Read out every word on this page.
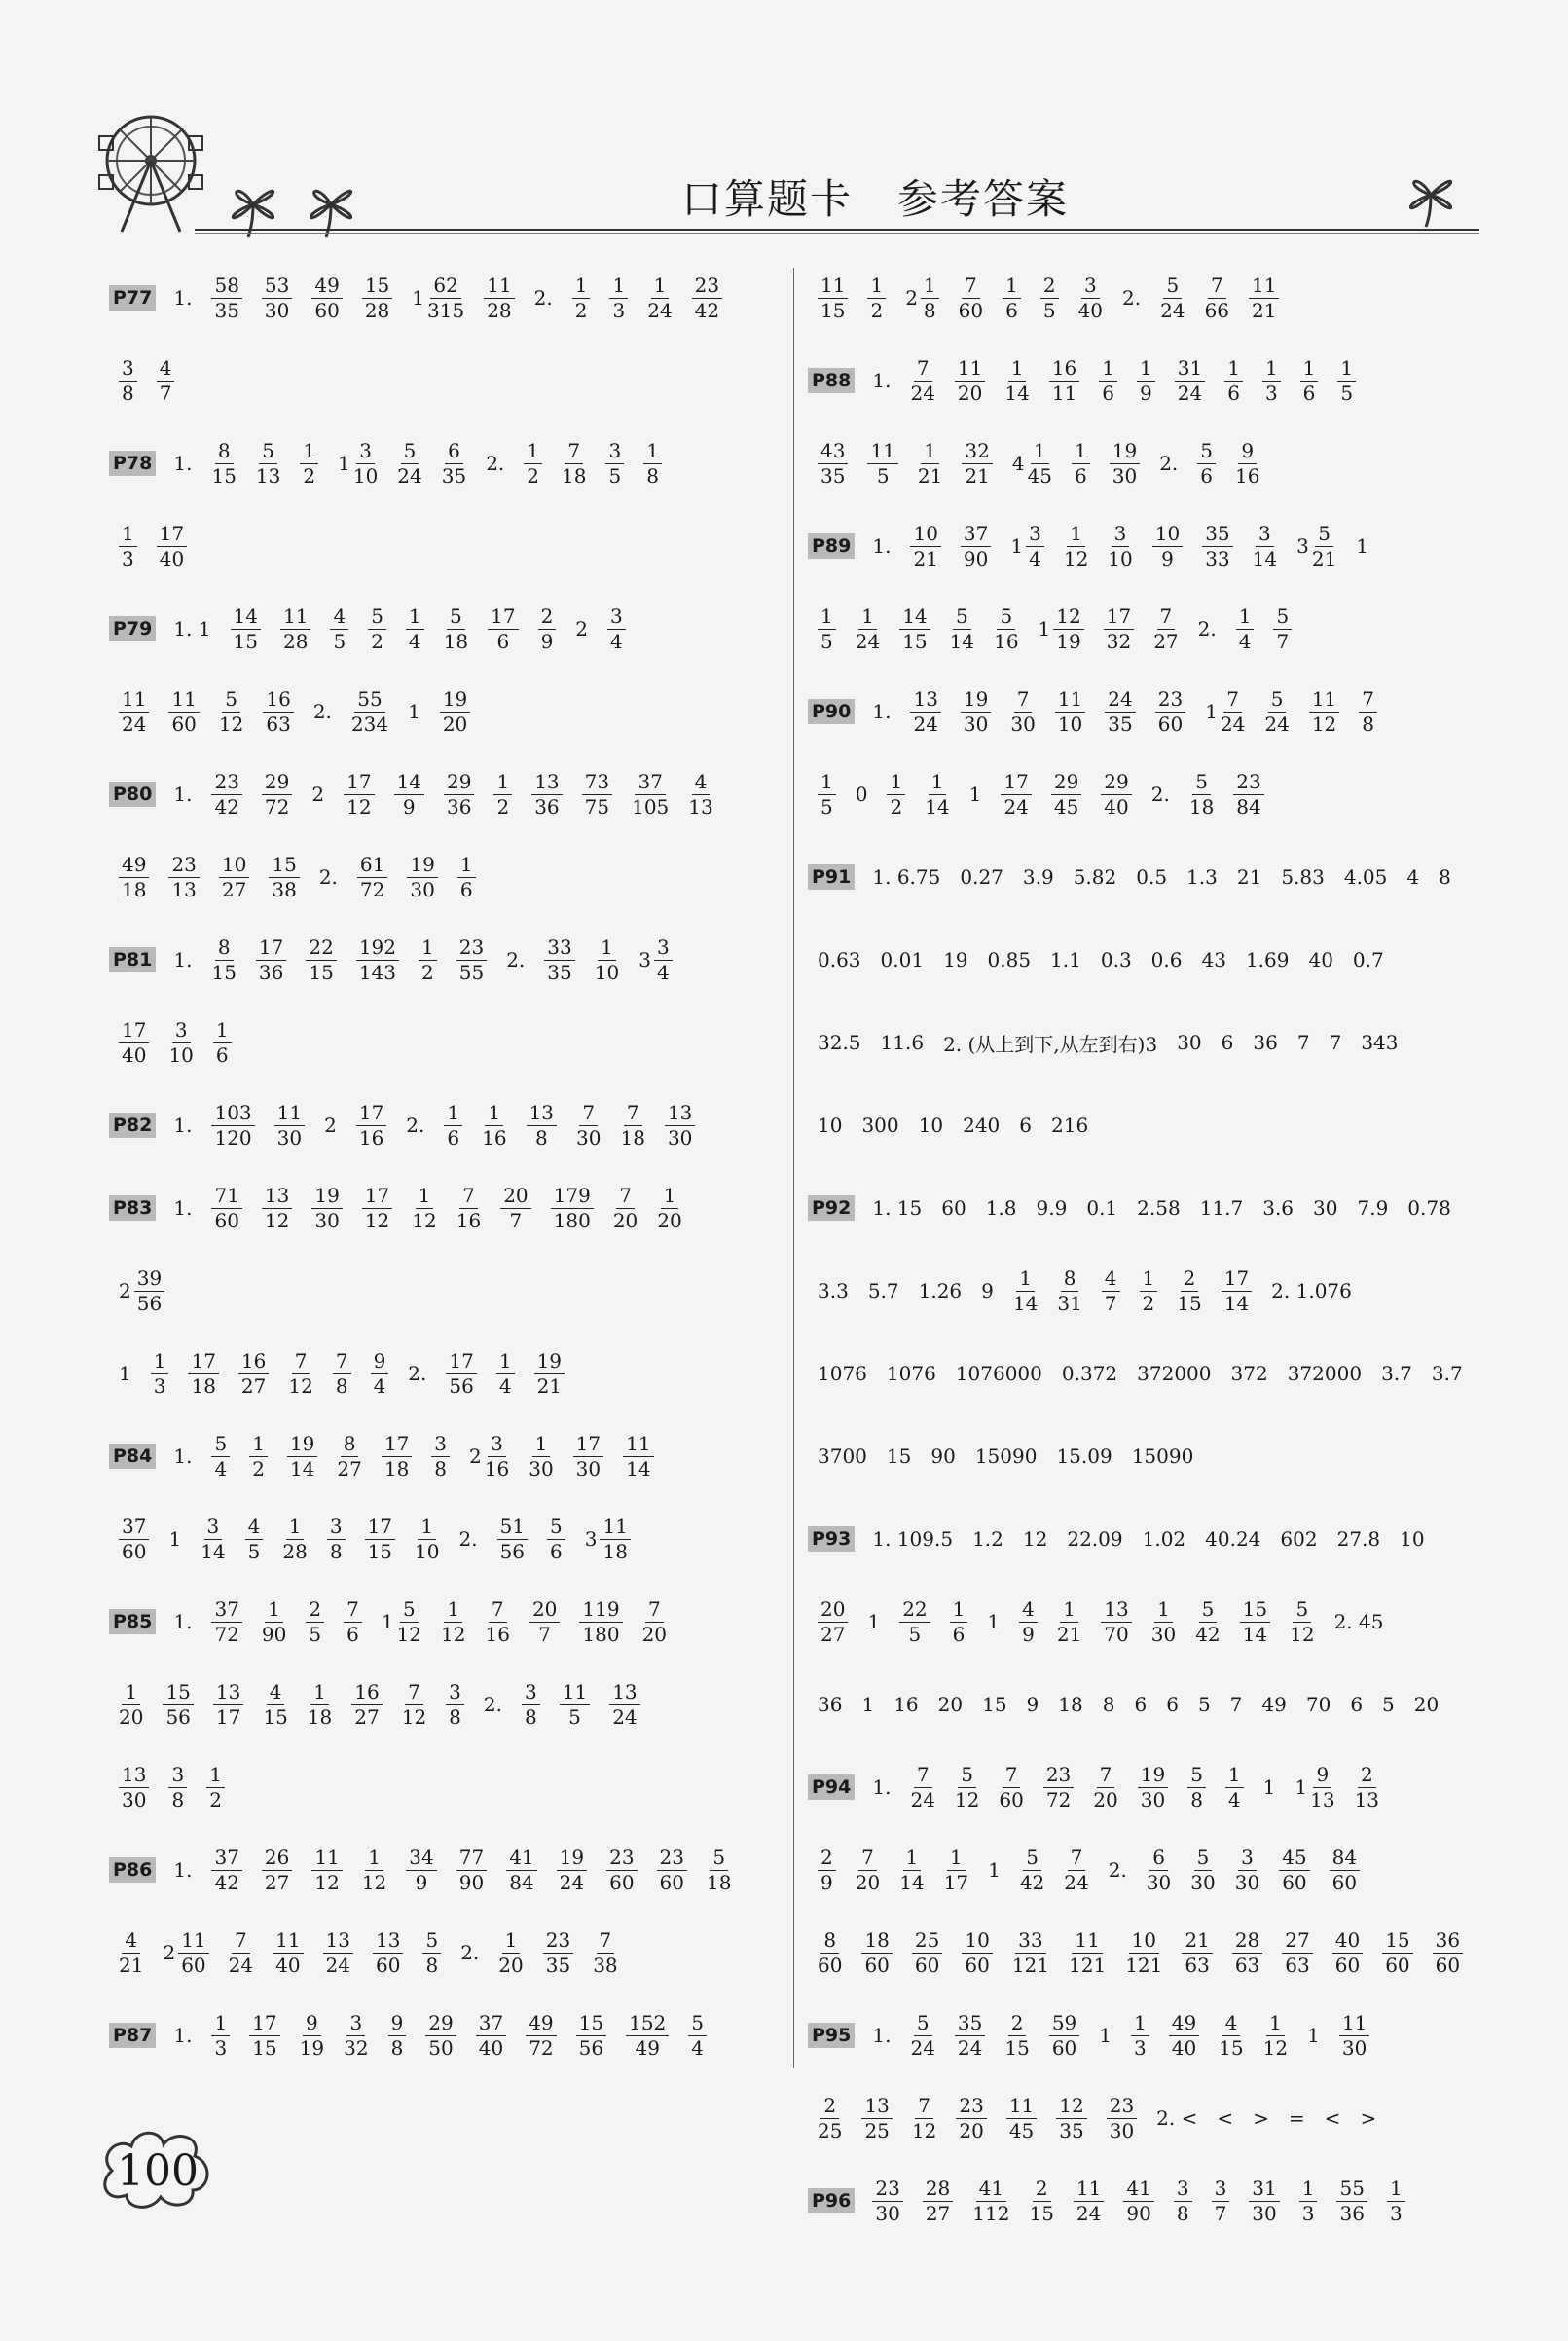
口算题卡 参考答案
P77 1. $\frac{58}{35} \frac{53}{30} \frac{49}{60} \frac{15}{28} 1 \frac{62}{315} \frac{11}{28} 2$. $\frac{1}{2} \frac{1}{3} \frac{1}{24} \frac{23}{42}$
$\frac{3}{8} \frac{4}{7}$
P78 1. $\frac{8}{15} \frac{5}{13} \frac{1}{2} 1 \frac{3}{10} \frac{5}{24} \frac{6}{35} 2$. $\frac{1}{2} \frac{7}{18} \frac{3}{5} \frac{1}{8}$
$\frac{1}{3} \frac{17}{40}$
P79 1. $1 \frac{14}{15} \frac{11}{28} \frac{4}{5} \frac{5}{2} \frac{1}{4} \frac{5}{18} \frac{17}{6} \frac{2}{9} 2 \frac{3}{4}$
$\frac{11}{24} \frac{11}{60} \frac{5}{12} \frac{16}{63} 2$. $\frac{55}{234} 1 \frac{19}{20}$
P80 1. $\frac{23}{42} \frac{29}{72} 2 \frac{17}{12} \frac{14}{9} \frac{29}{36} \frac{1}{2} \frac{13}{36} \frac{73}{75} \frac{37}{105} \frac{4}{13}$
$\frac{49}{18} \frac{23}{13} \frac{10}{27} \frac{15}{38} 2$. $\frac{61}{72} \frac{19}{30} \frac{1}{6}$
P81 1. $\frac{8}{15} \frac{17}{36} \frac{22}{15} \frac{192}{143} \frac{1}{2} \frac{23}{55} 2$. $\frac{33}{35} \frac{1}{10} 3 \frac{3}{4}$
$\frac{17}{40} \frac{3}{10} \frac{1}{6}$
P82 1. $\frac{103}{120} \frac{11}{30} 2 \frac{17}{16} 2$. $\frac{1}{6} \frac{1}{16} \frac{13}{8} \frac{7}{30} \frac{7}{18} \frac{13}{30}$
P83 1. $\frac{71}{60} \frac{13}{12} \frac{19}{30} \frac{17}{12} \frac{1}{12} \frac{7}{16} \frac{20}{7} \frac{179}{180} \frac{7}{20} \frac{1}{20}$
$2 \frac{39}{56}$
$1 \frac{1}{3} \frac{17}{18} \frac{16}{27} \frac{7}{12} \frac{7}{8} \frac{9}{4} 2$. $\frac{17}{56} \frac{1}{4} \frac{19}{21}$
P84 1. $\frac{5}{4} \frac{1}{2} \frac{19}{14} \frac{8}{27} \frac{17}{18} \frac{3}{8} 2 \frac{3}{16} \frac{1}{30} \frac{17}{30} \frac{11}{14}$
$\frac{37}{60} 1 \frac{3}{14} \frac{4}{5} \frac{1}{28} \frac{3}{8} \frac{17}{15} \frac{1}{10} 2$. $\frac{51}{56} \frac{5}{6} 3 \frac{11}{18}$
P85 1. $\frac{37}{72} \frac{1}{90} \frac{2}{5} \frac{7}{6} 1 \frac{5}{12} \frac{1}{12} \frac{7}{16} \frac{20}{7} \frac{119}{180} \frac{7}{20}$
$\frac{1}{20} \frac{15}{56} \frac{13}{17} \frac{4}{15} \frac{1}{18} \frac{16}{27} \frac{7}{12} \frac{3}{8} 2$. $\frac{3}{8} \frac{11}{5} \frac{13}{24}$
$\frac{13}{30} \frac{3}{8} \frac{1}{2}$
P86 1. $\frac{37}{42} \frac{26}{27} \frac{11}{12} \frac{1}{12} \frac{34}{9} \frac{77}{90} \frac{41}{84} \frac{19}{24} \frac{23}{60} \frac{23}{60} \frac{5}{18}$
$\frac{4}{21} 2 \frac{11}{60} \frac{7}{24} \frac{11}{40} \frac{13}{24} \frac{13}{60} \frac{5}{8} 2$. $\frac{1}{20} \frac{23}{35} \frac{7}{38}$
P87 1. $\frac{1}{3} \frac{17}{15} \frac{9}{19} \frac{3}{32} \frac{9}{8} \frac{29}{50} \frac{37}{40} \frac{49}{72} \frac{15}{56} \frac{152}{49} \frac{5}{4}$
$\frac{11}{15} \frac{1}{2} 2 \frac{1}{8} \frac{7}{60} \frac{1}{6} \frac{2}{5} \frac{3}{40} 2$. $\frac{5}{24} \frac{7}{66} \frac{11}{21}$
P88 1. $\frac{7}{24} \frac{11}{20} \frac{1}{14} \frac{16}{11} \frac{1}{6} \frac{1}{9} \frac{31}{24} \frac{1}{6} \frac{1}{3} \frac{1}{6} \frac{1}{5}$
$\frac{43}{35} \frac{11}{5} \frac{1}{21} \frac{32}{21} 4 \frac{1}{45} \frac{1}{6} \frac{19}{30} 2$. $\frac{5}{6} \frac{9}{16}$
P89 1. $\frac{10}{21} \frac{37}{90} 1 \frac{3}{4} \frac{1}{12} \frac{3}{10} \frac{10}{9} \frac{35}{33} \frac{3}{14} 3 \frac{5}{21} 1$
$\frac{1}{5} \frac{1}{24} \frac{14}{15} \frac{5}{14} \frac{5}{16} 1 \frac{12}{19} \frac{17}{32} \frac{7}{27} 2$. $\frac{1}{4} \frac{5}{7}$
P90 1. $\frac{13}{24} \frac{19}{30} \frac{7}{30} \frac{11}{10} \frac{24}{35} \frac{23}{60} 1 \frac{7}{24} \frac{5}{24} \frac{11}{12} \frac{7}{8}$
$\frac{1}{5} 0 \frac{1}{2} \frac{1}{14} 1 \frac{17}{24} \frac{29}{45} \frac{29}{40} 2$. $\frac{5}{18} \frac{23}{84}$
P91 1. 6.75 0.27 3.9 5.82 0.5 1.3 21 5.83 4.05 4 8
0.63 0.01 19 0.85 1.1 0.3 0.6 43 1.69 40 0.7
32.5 11.6 2. (从上到下,从左到右)3 30 6 36 7 7 343
10 300 10 240 6 216
P92 1. 15 60 1.8 9.9 0.1 2.58 11.7 3.6 30 7.9 0.78
3.3 5.7 1.26 $9 \frac{1}{14} \frac{8}{31} \frac{4}{7} \frac{1}{2} \frac{2}{15} \frac{17}{14} 2$. 1.076
1076 1076 1076000 0.372 372000 372 372000 3.7 3.7
3700 15 90 15090 15.09 15090
P93 1. 109.5 1.2 12 22.09 1.02 40.24 602 27.8 10
$\frac{20}{27} 1 \frac{22}{5} \frac{1}{6} 1 \frac{4}{9} \frac{1}{21} \frac{13}{70} \frac{1}{30} \frac{5}{42} \frac{15}{14} \frac{5}{12} 2$. 45
36 1 16 20 15 9 18 8 6 6 5 7 49 70 6 5 20
P94 1. $\frac{7}{24} \frac{5}{12} \frac{7}{60} \frac{23}{72} \frac{7}{20} \frac{19}{30} \frac{5}{8} \frac{1}{4} 1$ $1 \frac{9}{13} \frac{2}{13}$
$\frac{2}{9} \frac{7}{20} \frac{1}{14} \frac{1}{17} 1 \frac{5}{42} \frac{7}{24} 2$. $\frac{6}{30} \frac{5}{30} \frac{3}{30} \frac{45}{60} \frac{84}{60}$
$\frac{8}{60} \frac{18}{60} \frac{25}{60} \frac{10}{60} \frac{33}{121} \frac{11}{121} \frac{10}{121} \frac{21}{63} \frac{28}{63} \frac{27}{63} \frac{40}{60} \frac{15}{60} \frac{36}{60}$
P95 1. $\frac{5}{24} \frac{35}{24} \frac{2}{15} \frac{59}{60} 1 \frac{1}{3} \frac{49}{40} \frac{4}{15} \frac{1}{12} 1 \frac{11}{30}$
$\frac{2}{25} \frac{13}{25} \frac{7}{12} \frac{23}{20} \frac{11}{45} \frac{12}{35} \frac{23}{30} 2$. < < > = < >
$P96 \frac{23}{30} \frac{28}{27} \frac{41}{112} \frac{2}{15} \frac{11}{24} \frac{41}{90} \frac{3}{8} \frac{3}{7} \frac{31}{30} \frac{1}{3} \frac{55}{36} \frac{1}{3}$
100
